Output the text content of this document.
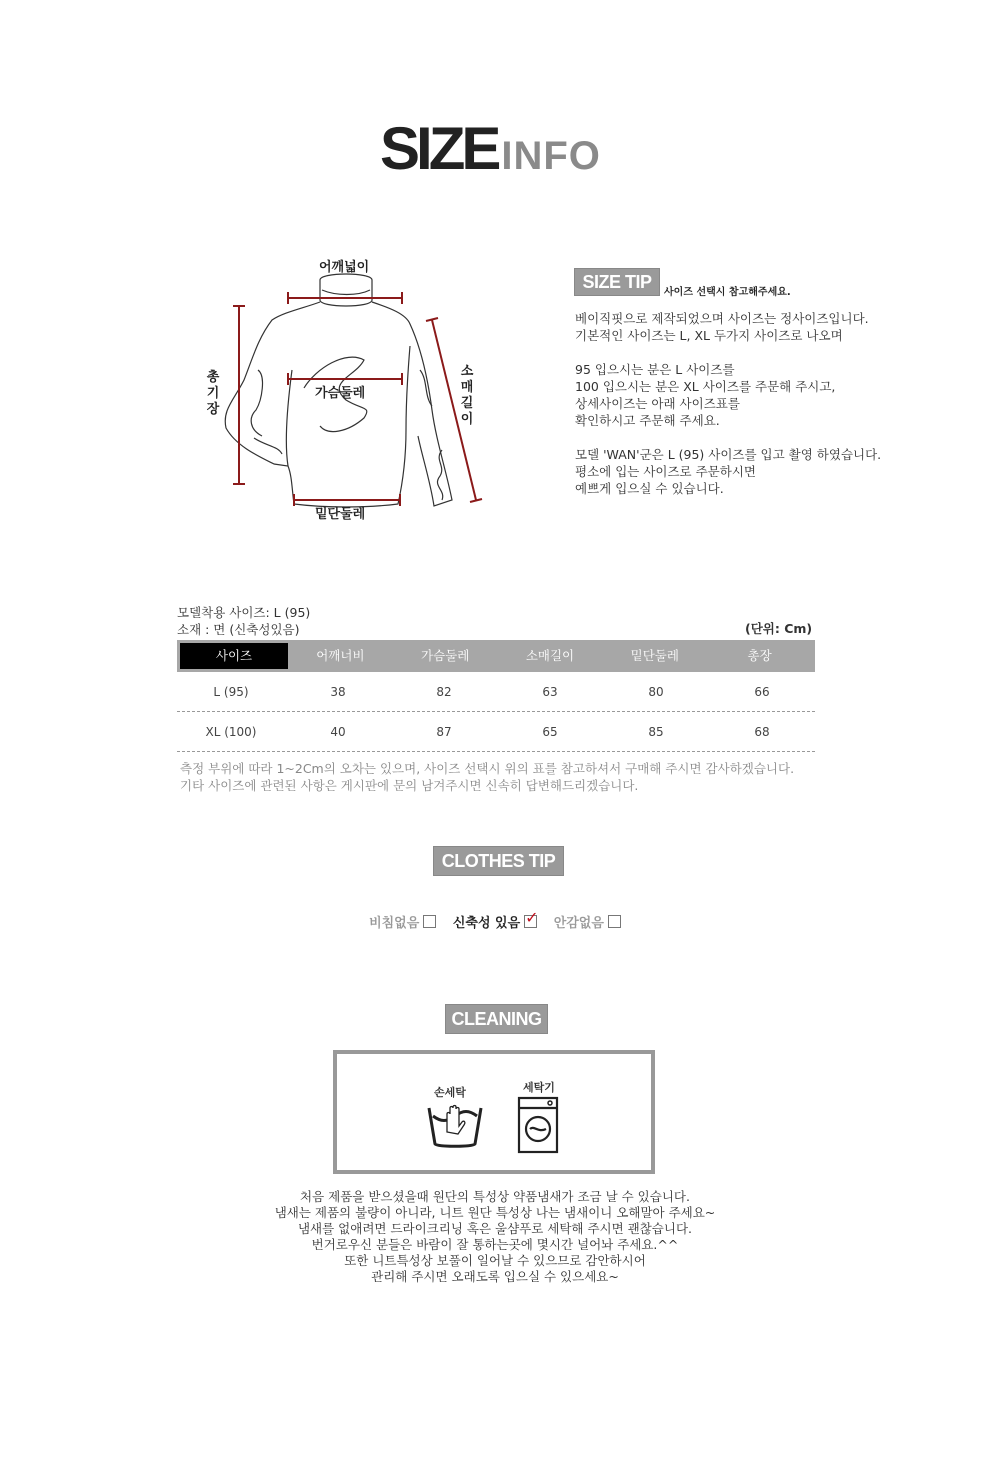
SIZE INFO
어깨넓이
가슴둘레
밑단둘레
총기장
소매길이
SIZE TIP
사이즈 선택시 참고해주세요.

베이직핏으로 제작되었으며 사이즈는 정사이즈입니다.

기본적인 사이즈는 L, XL 두가지 사이즈로 나오며

95 입으시는 분은 L 사이즈를

100 입으시는 분은 XL 사이즈를 주문해 주시고,

상세사이즈는 아래 사이즈표를

확인하시고 주문해 주세요.

모델 'WAN'군은 L (95) 사이즈를 입고 촬영 하였습니다.

평소에 입는 사이즈로 주문하시면

예쁘게 입으실 수 있습니다.

모델착용 사이즈: L (95)
소재 : 면 (신축성있음)	(단위: Cm)
사이즈	어깨너비	가슴둘레	소매길이	밑단둘레	총장
L (95)	38	82	63	80	66
XL (100)	40	87	65	85	68

측정 부위에 따라 1~2Cm의 오차는 있으며, 사이즈 선택시 위의 표를 참고하셔서 구매해 주시면 감사하겠습니다.

기타 사이즈에 관련된 사항은 게시판에 문의 남겨주시면 신속히 답변해드리겠습니다.

CLOTHES TIP
비침없음	신축성 있음 ✓ 안감없음
CLEANING
손세탁	세탁기

처음 제품을 받으셨을때 원단의 특성상 약품냄새가 조금 날 수 있습니다.

냄새는 제품의 불량이 아니라, 니트 원단 특성상 나는 냄새이니 오해말아 주세요~

냄새를 없애려면 드라이크리닝 혹은 울샴푸로 세탁해 주시면 괜찮습니다.

번거로우신 분들은 바람이 잘 통하는곳에 몇시간 널어놔 주세요.^^

또한 니트특성상 보풀이 일어날 수 있으므로 감안하시어

관리해 주시면 오래도록 입으실 수 있으세요~
